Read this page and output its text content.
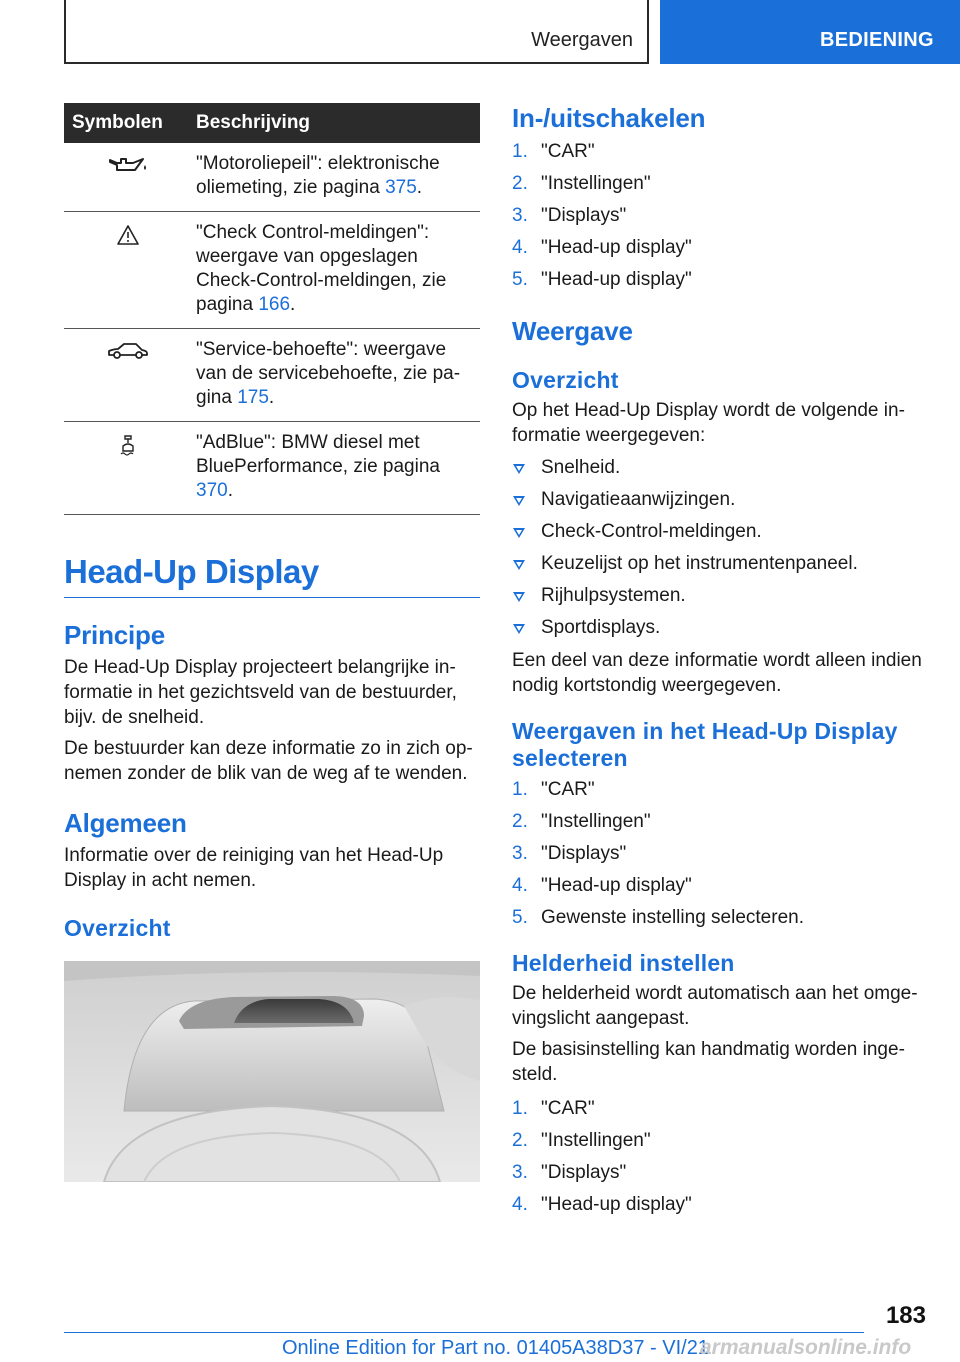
Weergaven	BEDIENING
Symbolen	Beschrijving
	"Motoroliepeil": elektronische oliemeting, zie pagina 375.
	"Check Control-meldingen": weergave van opgeslagen Check-Control-meldingen, zie pagina 166.
	"Service-behoefte": weergave van de servicebehoefte, zie pagina 175.
	"AdBlue": BMW diesel met BluePerformance, zie pagina 370.
Head-Up Display
Principe

De Head-Up Display projecteert belangrijke informatie in het gezichtsveld van de bestuurder, bijv. de snelheid.

De bestuurder kan deze informatie zo in zich opnemen zonder de blik van de weg af te wenden.

Algemeen

Informatie over de reiniging van het Head-Up Display in acht nemen.

Overzicht
In-/uitschakelen
1. "CAR"
2. "Instellingen"
3. "Displays"
4. "Head-up display"
5. "Head-up display"
Weergave
Overzicht

Op het Head-Up Display wordt de volgende informatie weergegeven:

Snelheid.
Navigatieaanwijzingen.
Check-Control-meldingen.
Keuzelijst op het instrumentenpaneel.
Rijhulpsystemen.
Sportdisplays.

Een deel van deze informatie wordt alleen indien nodig kortstondig weergegeven.

Weergaven in het Head-Up Display selecteren
1. "CAR"
2. "Instellingen"
3. "Displays"
4. "Head-up display"
5. Gewenste instelling selecteren.
Helderheid instellen

De helderheid wordt automatisch aan het omgevingslicht aangepast.

De basisinstelling kan handmatig worden ingesteld.

1. "CAR"
2. "Instellingen"
3. "Displays"
4. "Head-up display"
183
Online Edition for Part no. 01405A38D37 - VI/21
armanualsonline.info
